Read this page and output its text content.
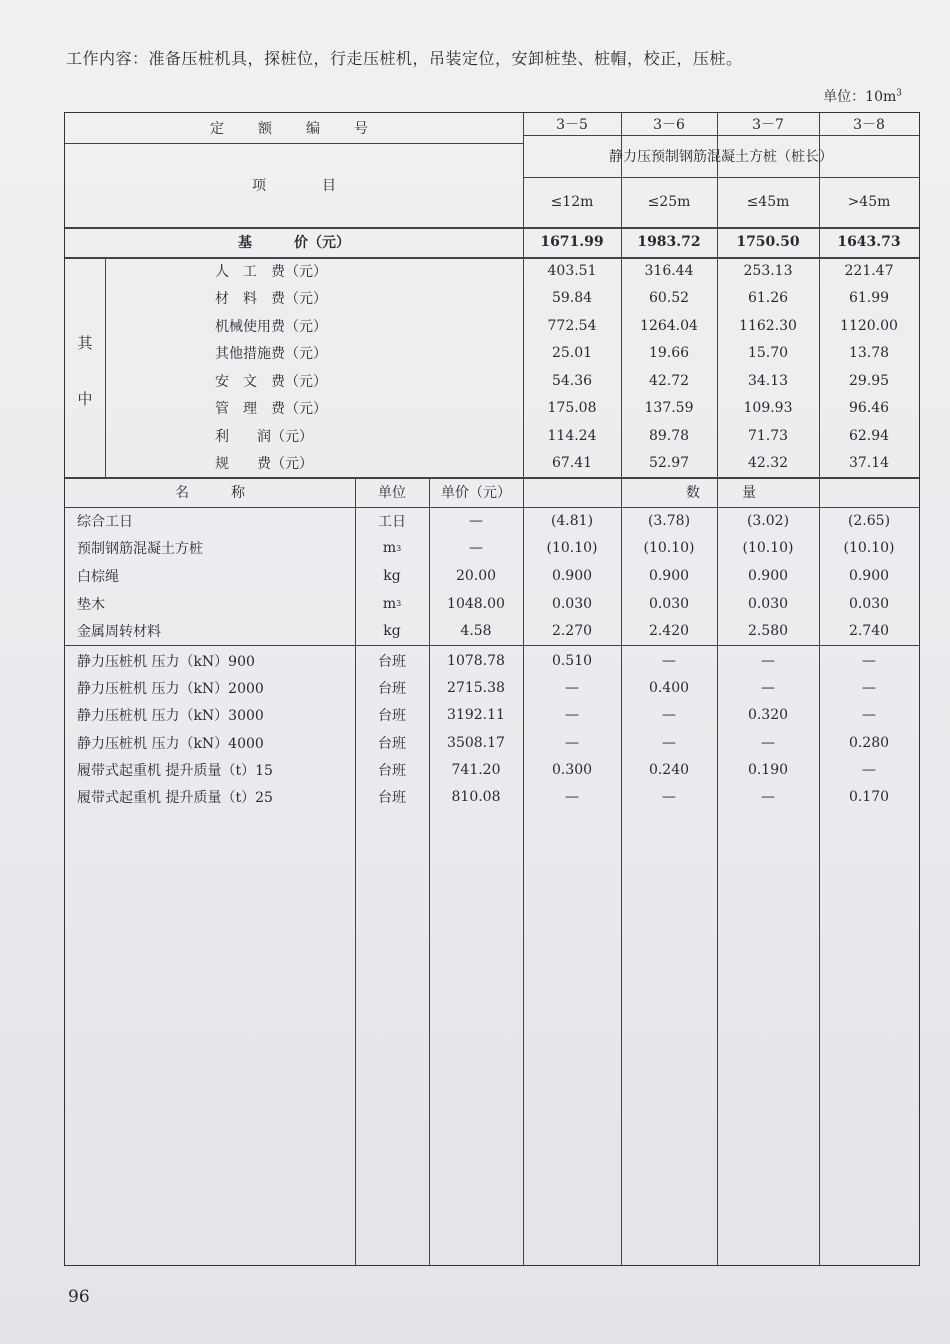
工作内容：准备压桩机具，探桩位，行走压桩机，吊装定位，安卸桩垫、桩帽，校正，压桩。
单位：$10m^3$
定　额　编　号	3－5	3－6	3－7	3－8
项　　　　目
静力压预制钢筋混凝土方桩（桩长）
≤12m	≤25m	≤45m	>45m
基　　　价（元）	1671.99	1983.72	1750.50	1643.73
其
中
人　工　费（元）	403.51	316.44	253.13	221.47
材　料　费（元）	59.84	60.52	61.26	61.99
机械使用费（元）	772.54	1264.04	1162.30	1120.00
其他措施费（元）	25.01	19.66	15.70	13.78
安　文　费（元）	54.36	42.72	34.13	29.95
管　理　费（元）	175.08	137.59	109.93	96.46
利　　润（元）	114.24	89.78	71.73	62.94
规　　费（元）	67.41	52.97	42.32	37.14
名　　　称	单位	单价（元）	数　　　量
综合工日	工日	—	(4.81)	(3.78)	(3.02)	(2.65)
预制钢筋混凝土方桩	m 3	—	(10.10)	(10.10)	(10.10)	(10.10)
白棕绳	kg	20.00	0.900	0.900	0.900	0.900
垫木	m 3	1048.00	0.030	0.030	0.030	0.030
金属周转材料	kg	4.58	2.270	2.420	2.580	2.740
静力压桩机 压力（kN）900	台班	1078.78	0.510	—	—	—
静力压桩机 压力（kN）2000	台班	2715.38	—	0.400	—	—
静力压桩机 压力（kN）3000	台班	3192.11	—	—	0.320	—
静力压桩机 压力（kN）4000	台班	3508.17	—	—	—	0.280
履带式起重机 提升质量（t）15	台班	741.20	0.300	0.240	0.190	—
履带式起重机 提升质量（t）25	台班	810.08	—	—	—	0.170
96
